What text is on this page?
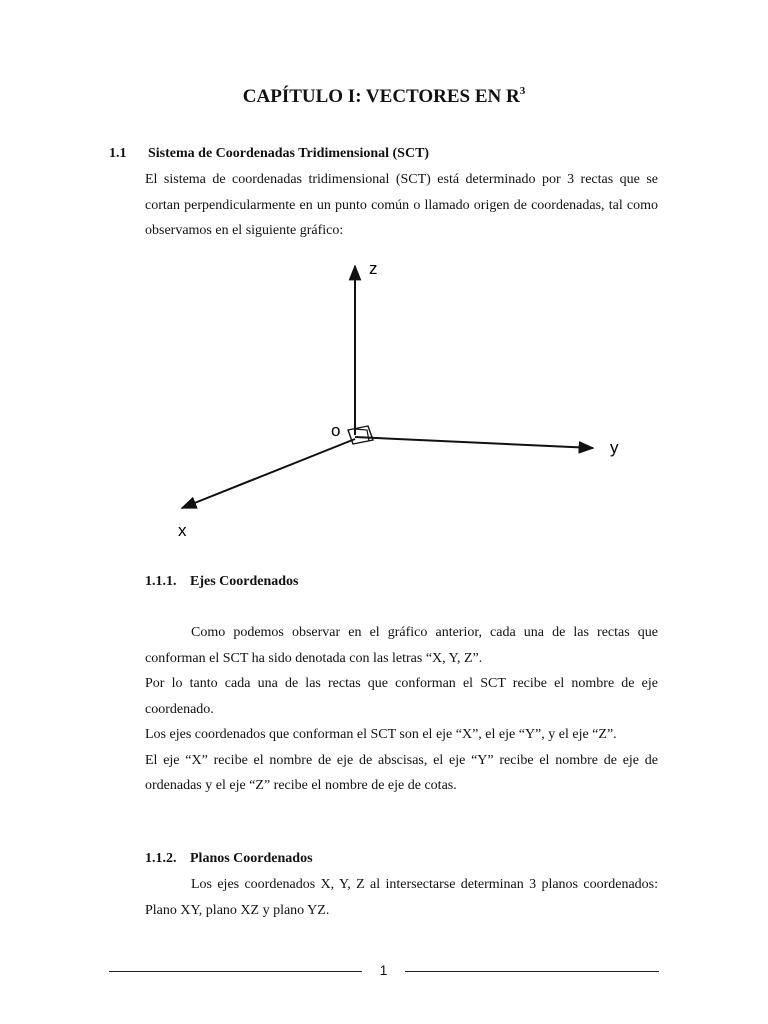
CAPÍTULO I: VECTORES EN $R^3$
1.1 Sistema de Coordenadas Tridimensional (SCT)

El sistema de coordenadas tridimensional (SCT) está determinado por 3 rectas que se cortan perpendicularmente en un punto común o llamado origen de coordenadas, tal como observamos en el siguiente gráfico:

z
y
x
o
1.1.1. Ejes Coordenados
Como podemos observar en el gráfico anterior, cada una de las rectas que conforman el SCT ha sido denotada con las letras “X, Y, Z”.
Por lo tanto cada una de las rectas que conforman el SCT recibe el nombre de eje coordenado.
Los ejes coordenados que conforman el SCT son el eje “X”, el eje “Y”, y el eje “Z”.
El eje “X” recibe el nombre de eje de abscisas, el eje “Y” recibe el nombre de eje de ordenadas y el eje “Z” recibe el nombre de eje de cotas.
1.1.2. Planos Coordenados

Los ejes coordenados X, Y, Z al intersectarse determinan 3 planos coordenados: Plano XY, plano XZ y plano YZ.

1
